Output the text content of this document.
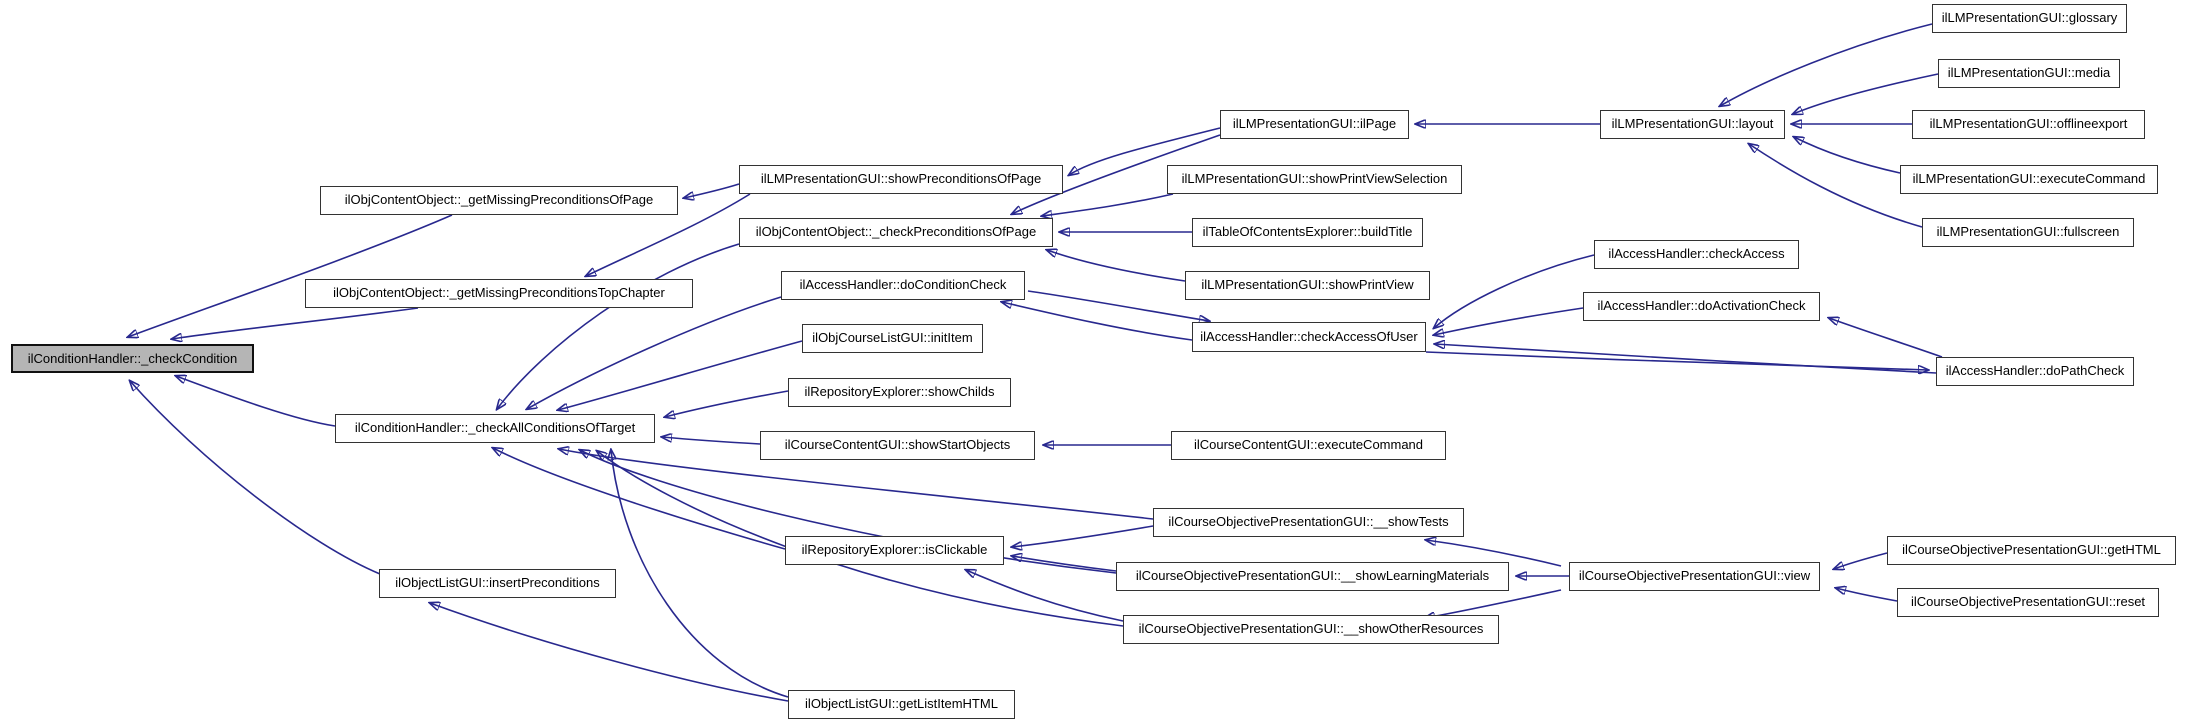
ilConditionHandler::_checkCondition
ilObjContentObject::_getMissingPreconditionsOfPage
ilObjContentObject::_getMissingPreconditionsTopChapter
ilConditionHandler::_checkAllConditionsOfTarget
ilObjectListGUI::insertPreconditions
ilLMPresentationGUI::showPreconditionsOfPage
ilObjContentObject::_checkPreconditionsOfPage
ilAccessHandler::doConditionCheck
ilObjCourseListGUI::initItem
ilRepositoryExplorer::showChilds
ilCourseContentGUI::showStartObjects
ilRepositoryExplorer::isClickable
ilObjectListGUI::getListItemHTML
ilLMPresentationGUI::ilPage
ilLMPresentationGUI::showPrintViewSelection
ilTableOfContentsExplorer::buildTitle
ilLMPresentationGUI::showPrintView
ilAccessHandler::checkAccessOfUser
ilCourseContentGUI::executeCommand
ilCourseObjectivePresentationGUI::__showTests
ilCourseObjectivePresentationGUI::__showLearningMaterials
ilCourseObjectivePresentationGUI::__showOtherResources
ilLMPresentationGUI::layout
ilAccessHandler::checkAccess
ilAccessHandler::doActivationCheck
ilCourseObjectivePresentationGUI::view
ilLMPresentationGUI::glossary
ilLMPresentationGUI::media
ilLMPresentationGUI::offlineexport
ilLMPresentationGUI::executeCommand
ilLMPresentationGUI::fullscreen
ilAccessHandler::doPathCheck
ilCourseObjectivePresentationGUI::getHTML
ilCourseObjectivePresentationGUI::reset
